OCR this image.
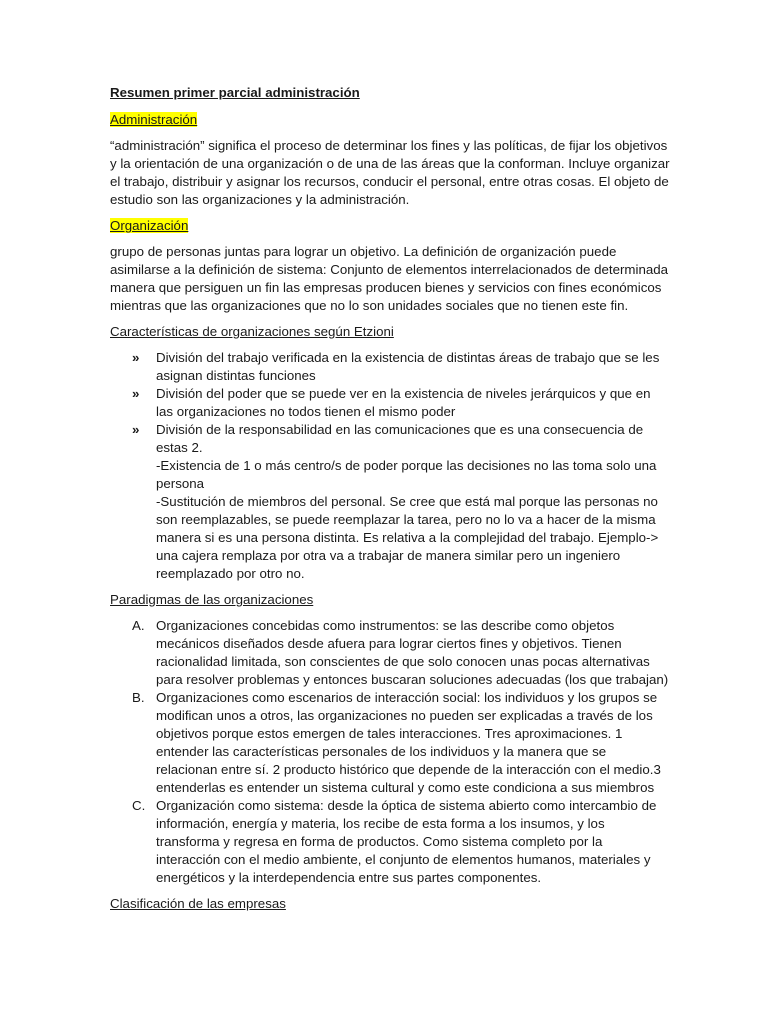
Resumen primer parcial administración
Administración

“administración” significa el proceso de determinar los fines y las políticas, de fijar los objetivos y la orientación de una organización o de una de las áreas que la conforman. Incluye organizar el trabajo, distribuir y asignar los recursos, conducir el personal, entre otras cosas. El objeto de estudio son las organizaciones y la administración.

Organización

grupo de personas juntas para lograr un objetivo. La definición de organización puede asimilarse a la definición de sistema: Conjunto de elementos interrelacionados de determinada manera que persiguen un fin las empresas producen bienes y servicios con fines económicos mientras que las organizaciones que no lo son unidades sociales que no tienen este fin.

Características de organizaciones según Etzioni
» División del trabajo verificada en la existencia de distintas áreas de trabajo que se les asignan distintas funciones
» División del poder que se puede ver en la existencia de niveles jerárquicos y que en las organizaciones no todos tienen el mismo poder
» División de la responsabilidad en las comunicaciones que es una consecuencia de estas 2.
-Existencia de 1 o más centro/s de poder porque las decisiones no las toma solo una persona
-Sustitución de miembros del personal. Se cree que está mal porque las personas no son reemplazables, se puede reemplazar la tarea, pero no lo va a hacer de la misma manera si es una persona distinta. Es relativa a la complejidad del trabajo. Ejemplo-> una cajera remplaza por otra va a trabajar de manera similar pero un ingeniero reemplazado por otro no.
Paradigmas de las organizaciones
A. Organizaciones concebidas como instrumentos: se las describe como objetos mecánicos diseñados desde afuera para lograr ciertos fines y objetivos. Tienen racionalidad limitada, son conscientes de que solo conocen unas pocas alternativas para resolver problemas y entonces buscaran soluciones adecuadas (los que trabajan)
B. Organizaciones como escenarios de interacción social: los individuos y los grupos se modifican unos a otros, las organizaciones no pueden ser explicadas a través de los objetivos porque estos emergen de tales interacciones. Tres aproximaciones. 1 entender las características personales de los individuos y la manera que se relacionan entre sí. 2 producto histórico que depende de la interacción con el medio.3 entenderlas es entender un sistema cultural y como este condiciona a sus miembros
C. Organización como sistema: desde la óptica de sistema abierto como intercambio de información, energía y materia, los recibe de esta forma a los insumos, y los transforma y regresa en forma de productos. Como sistema completo por la interacción con el medio ambiente, el conjunto de elementos humanos, materiales y energéticos y la interdependencia entre sus partes componentes.
Clasificación de las empresas
